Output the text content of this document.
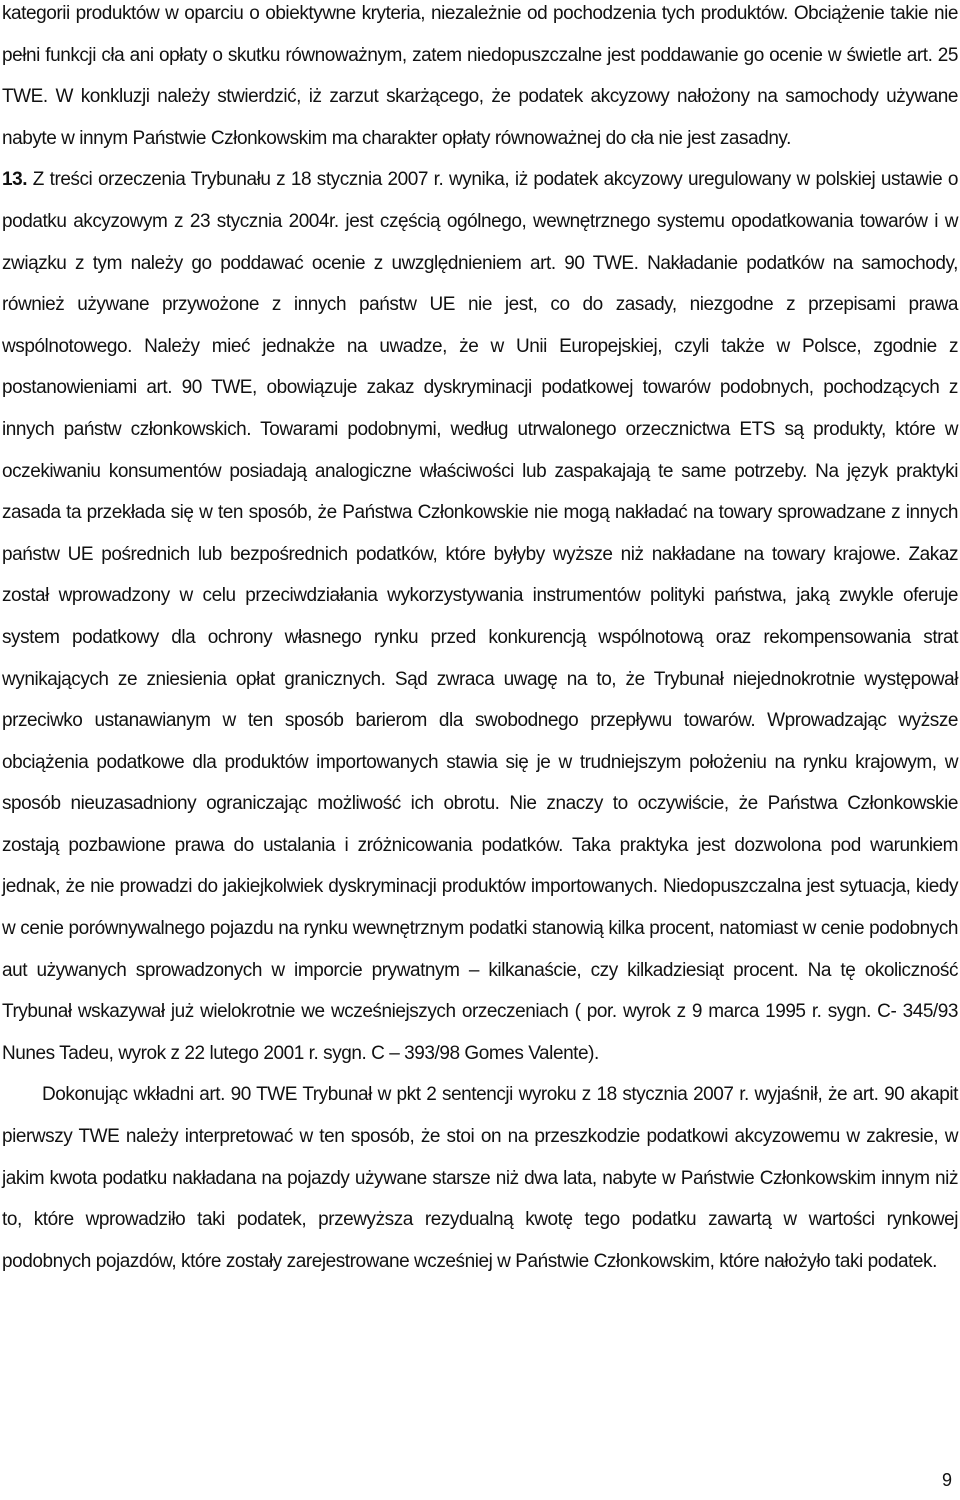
kategorii produktów w oparciu o obiektywne kryteria, niezależnie od pochodzenia tych produktów. Obciążenie takie nie pełni funkcji cła ani opłaty o skutku równoważnym, zatem niedopuszczalne jest poddawanie go ocenie w świetle art. 25 TWE. W konkluzji należy stwierdzić, iż zarzut skarżącego, że podatek akcyzowy nałożony na samochody używane nabyte w innym Państwie Członkowskim ma charakter opłaty równoważnej do cła nie jest zasadny.

13. Z treści orzeczenia Trybunału z 18 stycznia 2007 r. wynika, iż podatek akcyzowy uregulowany w polskiej ustawie o podatku akcyzowym z 23 stycznia 2004r. jest częścią ogólnego, wewnętrznego systemu opodatkowania towarów i w związku z tym należy go poddawać ocenie z uwzględnieniem art. 90 TWE. Nakładanie podatków na samochody, również używane przywożone z innych państw UE nie jest, co do zasady, niezgodne z przepisami prawa wspólnotowego. Należy mieć jednakże na uwadze, że w Unii Europejskiej, czyli także w Polsce, zgodnie z postanowieniami art. 90 TWE, obowiązuje zakaz dyskryminacji podatkowej towarów podobnych, pochodzących z innych państw członkowskich. Towarami podobnymi, według utrwalonego orzecznictwa ETS są produkty, które w oczekiwaniu konsumentów posiadają analogiczne właściwości lub zaspakajają te same potrzeby. Na język praktyki zasada ta przekłada się w ten sposób, że Państwa Członkowskie nie mogą nakładać na towary sprowadzane z innych państw UE pośrednich lub bezpośrednich podatków, które byłyby wyższe niż nakładane na towary krajowe. Zakaz został wprowadzony w celu przeciwdziałania wykorzystywania instrumentów polityki państwa, jaką zwykle oferuje system podatkowy dla ochrony własnego rynku przed konkurencją wspólnotową oraz rekompensowania strat wynikających ze zniesienia opłat granicznych. Sąd zwraca uwagę na to, że Trybunał niejednokrotnie występował przeciwko ustanawianym w ten sposób barierom dla swobodnego przepływu towarów. Wprowadzając wyższe obciążenia podatkowe dla produktów importowanych stawia się je w trudniejszym położeniu na rynku krajowym, w sposób nieuzasadniony ograniczając możliwość ich obrotu. Nie znaczy to oczywiście, że Państwa Członkowskie zostają pozbawione prawa do ustalania i zróżnicowania podatków. Taka praktyka jest dozwolona pod warunkiem jednak, że nie prowadzi do jakiejkolwiek dyskryminacji produktów importowanych. Niedopuszczalna jest sytuacja, kiedy w cenie porównywalnego pojazdu na rynku wewnętrznym podatki stanowią kilka procent, natomiast w cenie podobnych aut używanych sprowadzonych w imporcie prywatnym – kilkanaście, czy kilkadziesiąt procent. Na tę okoliczność Trybunał wskazywał już wielokrotnie we wcześniejszych orzeczeniach ( por. wyrok z 9 marca 1995 r. sygn. C- 345/93 Nunes Tadeu, wyrok z 22 lutego 2001 r. sygn. C – 393/98 Gomes Valente).

Dokonując wkładni art. 90 TWE Trybunał w pkt 2 sentencji wyroku z 18 stycznia 2007 r. wyjaśnił, że art. 90 akapit pierwszy TWE należy interpretować w ten sposób, że stoi on na przeszkodzie podatkowi akcyzowemu w zakresie, w jakim kwota podatku nakładana na pojazdy używane starsze niż dwa lata, nabyte w Państwie Członkowskim innym niż to, które wprowadziło taki podatek, przewyższa rezydualną kwotę tego podatku zawartą w wartości rynkowej podobnych pojazdów, które zostały zarejestrowane wcześniej w Państwie Członkowskim, które nałożyło taki podatek.

9
